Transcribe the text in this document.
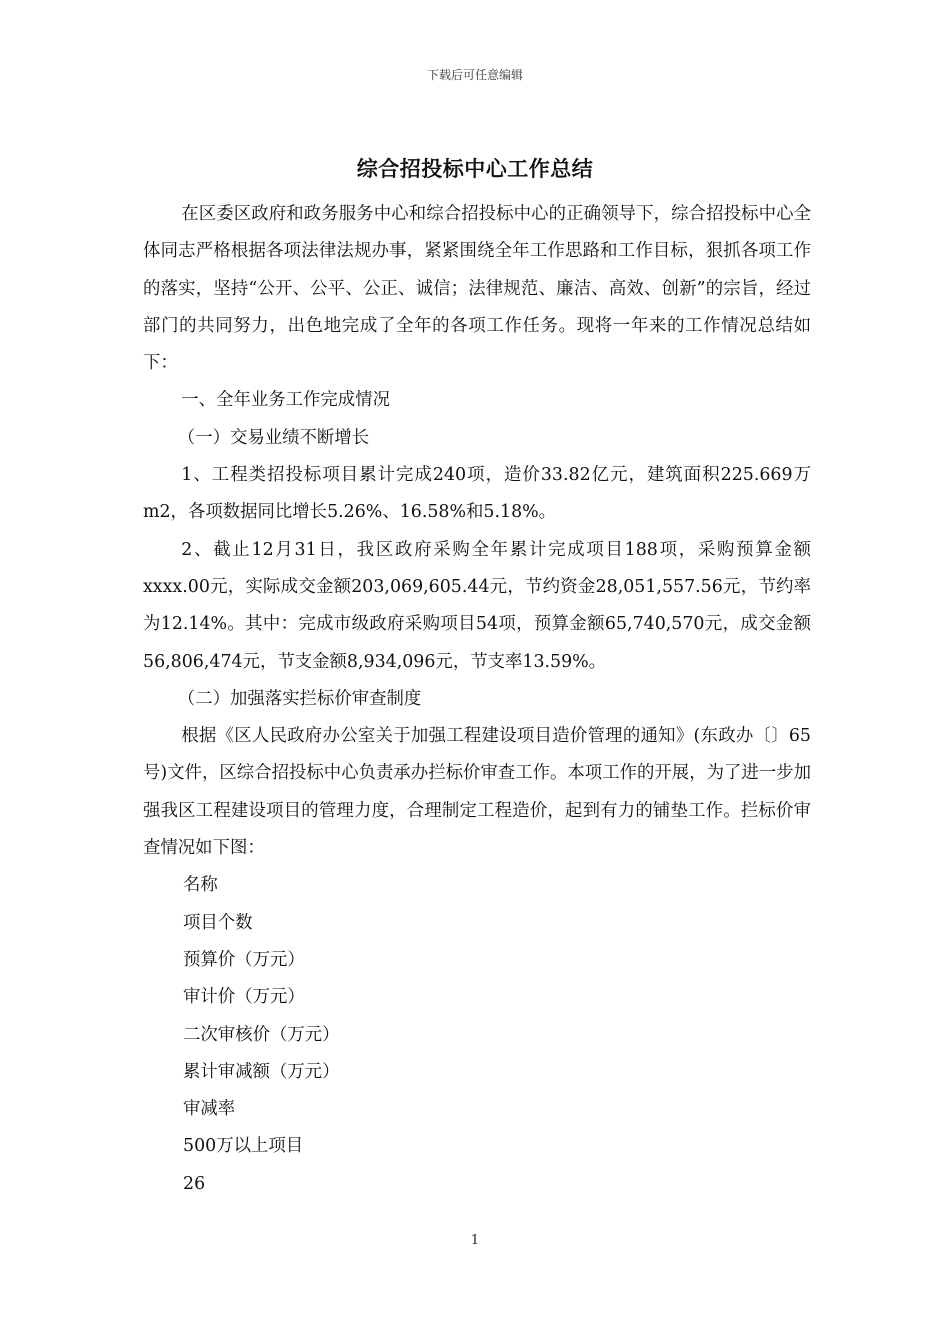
下载后可任意编辑
综合招投标中心工作总结

在区委区政府和政务服务中心和综合招投标中心的正确领导下，综合招投标中心全体同志严格根据各项法律法规办事，紧紧围绕全年工作思路和工作目标，狠抓各项工作的落实，坚持“公开、公平、公正、诚信；法律规范、廉洁、高效、创新”的宗旨，经过部门的共同努力，出色地完成了全年的各项工作任务。现将一年来的工作情况总结如下：

一、全年业务工作完成情况

（一）交易业绩不断增长

1、工程类招投标项目累计完成240项，造价33.82亿元，建筑面积225.669万m2，各项数据同比增长5.26%、16.58%和5.18%。

2、截止12月31日，我区政府采购全年累计完成项目188项，采购预算金额xxxx.00元，实际成交金额203,069,605.44元，节约资金28,051,557.56元，节约率为12.14%。其中：完成市级政府采购项目54项，预算金额65,740,570元，成交金额56,806,474元，节支金额8,934,096元，节支率13.59%。

（二）加强落实拦标价审查制度

根据《区人民政府办公室关于加强工程建设项目造价管理的通知》(东政办〔〕65号)文件，区综合招投标中心负责承办拦标价审查工作。本项工作的开展，为了进一步加强我区工程建设项目的管理力度，合理制定工程造价，起到有力的铺垫工作。拦标价审查情况如下图：

名称

项目个数

预算价（万元）

审计价（万元）

二次审核价（万元）

累计审减额（万元）

审减率

500万以上项目

26

1
